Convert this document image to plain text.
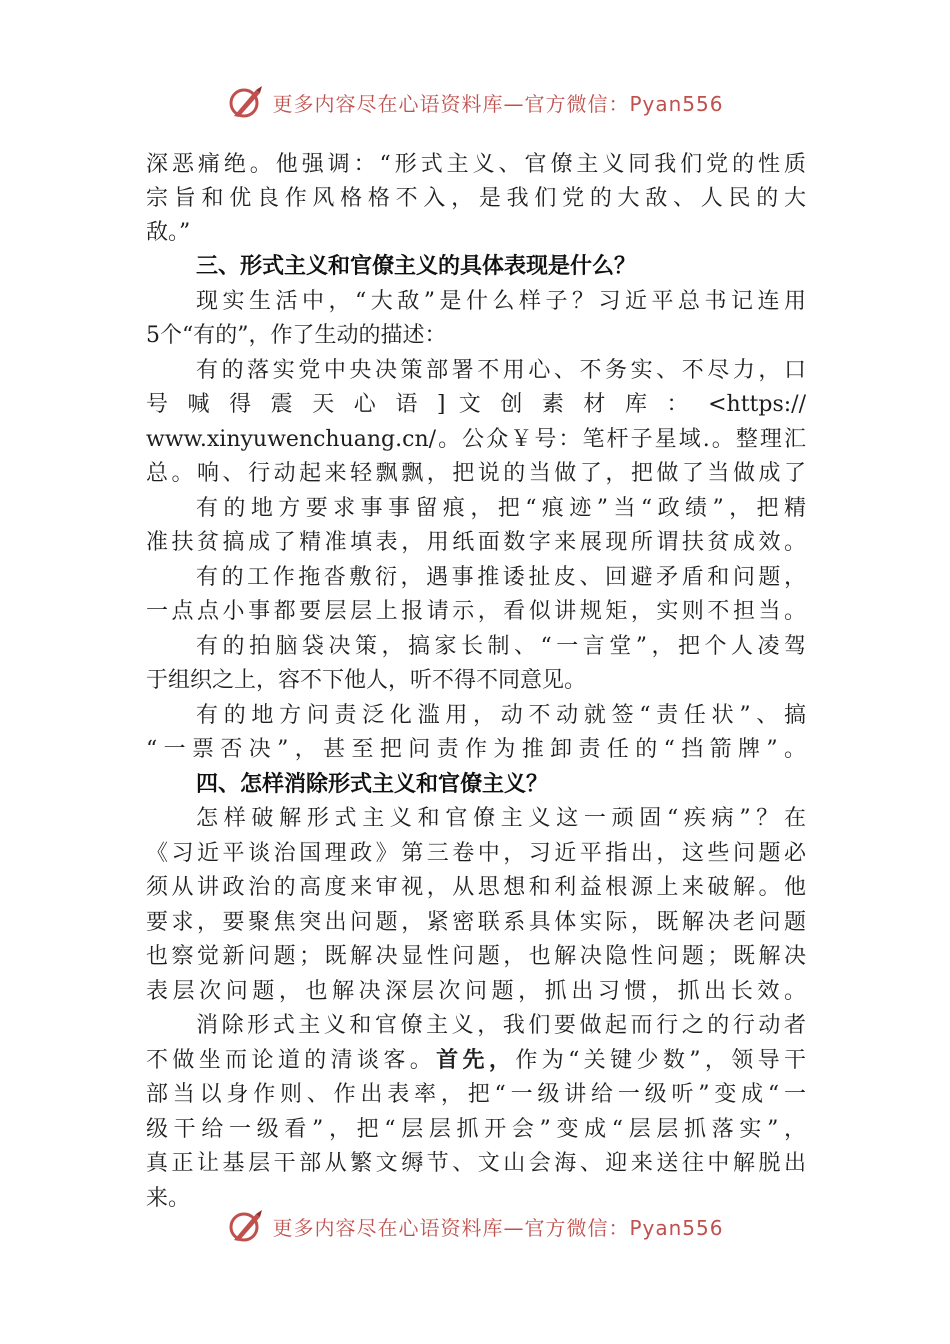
更多内容尽在心语资料库—官方微信：Pyan556
深恶痛绝。他强调：“形式主义、官僚主义同我们党的性质
宗旨和优良作风格格不入，是我们党的大敌、人民的大
敌。”
三、形式主义和官僚主义的具体表现是什么？
现实生活中，“大敌”是什么样子？习近平总书记连用
5个“有的”，作了生动的描述：
有的落实党中央决策部署不用心、不务实、不尽力，口
号 喊 得 震 天 心 语 ] 文 创 素 材 库 ： <https://
www.xinyuwenchuang.cn/。公众￥号：笔杆子星域.。整理汇
总。响、行动起来轻飘飘，把说的当做了，把做了当做成了
有的地方要求事事留痕，把“痕迹”当“政绩”，把精
准扶贫搞成了精准填表，用纸面数字来展现所谓扶贫成效。
有的工作拖沓敷衍，遇事推诿扯皮、回避矛盾和问题，
一点点小事都要层层上报请示，看似讲规矩，实则不担当。
有的拍脑袋决策，搞家长制、“一言堂”，把个人凌驾
于组织之上，容不下他人，听不得不同意见。
有的地方问责泛化滥用，动不动就签“责任状”、搞
“一票否决”，甚至把问责作为推卸责任的“挡箭牌”。
四、怎样消除形式主义和官僚主义？
怎样破解形式主义和官僚主义这一顽固“疾病”？在
《习近平谈治国理政》第三卷中，习近平指出，这些问题必
须从讲政治的高度来审视，从思想和利益根源上来破解。他
要求，要聚焦突出问题，紧密联系具体实际，既解决老问题
也察觉新问题；既解决显性问题，也解决隐性问题；既解决
表层次问题，也解决深层次问题，抓出习惯，抓出长效。
消除形式主义和官僚主义，我们要做起而行之的行动者
不做坐而论道的清谈客。首先，作为“关键少数”，领导干
部当以身作则、作出表率，把“一级讲给一级听”变成“一
级干给一级看”，把“层层抓开会”变成“层层抓落实”，
真正让基层干部从繁文缛节、文山会海、迎来送往中解脱出
来。
更多内容尽在心语资料库—官方微信：Pyan556
